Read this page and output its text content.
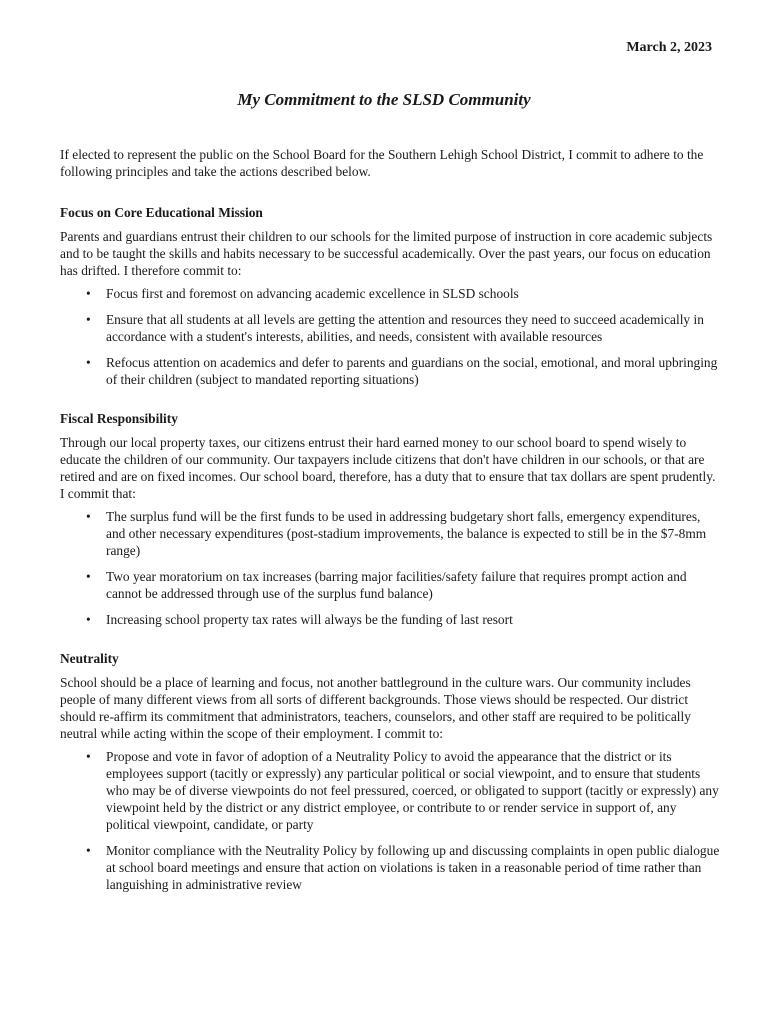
March 2, 2023
My Commitment to the SLSD Community

If elected to represent the public on the School Board for the Southern Lehigh School District, I commit to adhere to the following principles and take the actions described below.

Focus on Core Educational Mission

Parents and guardians entrust their children to our schools for the limited purpose of instruction in core academic subjects and to be taught the skills and habits necessary to be successful academically. Over the past years, our focus on education has drifted. I therefore commit to:

• Focus first and foremost on advancing academic excellence in SLSD schools
• Ensure that all students at all levels are getting the attention and resources they need to succeed academically in accordance with a student's interests, abilities, and needs, consistent with available resources
• Refocus attention on academics and defer to parents and guardians on the social, emotional, and moral upbringing of their children (subject to mandated reporting situations)

Fiscal Responsibility

Through our local property taxes, our citizens entrust their hard earned money to our school board to spend wisely to educate the children of our community. Our taxpayers include citizens that don't have children in our schools, or that are retired and are on fixed incomes. Our school board, therefore, has a duty that to ensure that tax dollars are spent prudently. I commit that:

• The surplus fund will be the first funds to be used in addressing budgetary short falls, emergency expenditures, and other necessary expenditures (post-stadium improvements, the balance is expected to still be in the $7-8mm range)
• Two year moratorium on tax increases (barring major facilities/safety failure that requires prompt action and cannot be addressed through use of the surplus fund balance)
• Increasing school property tax rates will always be the funding of last resort

Neutrality

School should be a place of learning and focus, not another battleground in the culture wars. Our community includes people of many different views from all sorts of different backgrounds. Those views should be respected. Our district should re-affirm its commitment that administrators, teachers, counselors, and other staff are required to be politically neutral while acting within the scope of their employment. I commit to:

• Propose and vote in favor of adoption of a Neutrality Policy to avoid the appearance that the district or its employees support (tacitly or expressly) any particular political or social viewpoint, and to ensure that students who may be of diverse viewpoints do not feel pressured, coerced, or obligated to support (tacitly or expressly) any viewpoint held by the district or any district employee, or contribute to or render service in support of, any political viewpoint, candidate, or party
• Monitor compliance with the Neutrality Policy by following up and discussing complaints in open public dialogue at school board meetings and ensure that action on violations is taken in a reasonable period of time rather than languishing in administrative review
